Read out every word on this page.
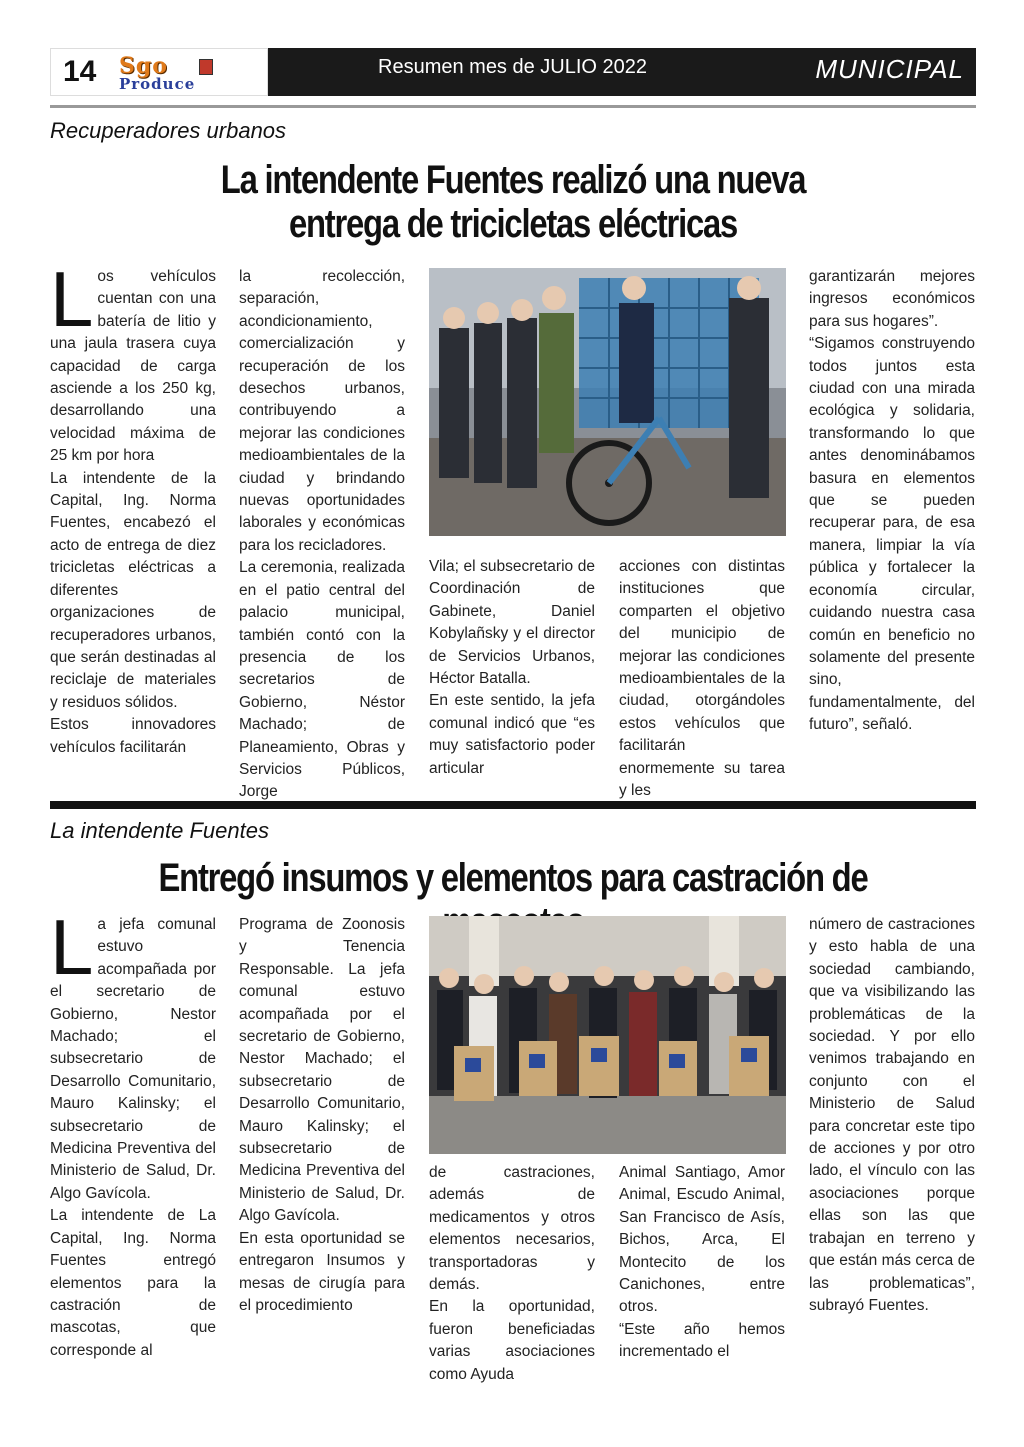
14 Sgo
Produce
Resumen mes de JULIO 2022	MUNICIPAL
Recuperadores urbanos
La intendente Fuentes realizó una nueva
entrega de tricicletas eléctricas

Los vehículos cuentan con una batería de litio y una jaula trasera cuya capacidad de carga asciende a los 250 kg, desarrollando una velocidad máxima de 25 km por hora

La intendente de la Capital, Ing. Norma Fuentes, encabezó el acto de entrega de diez tricicletas eléctricas a diferentes organizaciones de recuperadores urbanos, que serán destinadas al reciclaje de materiales y residuos sólidos.

Estos innovadores vehículos facilitarán

la recolección, separación, acondicionamiento, comercialización y recuperación de los desechos urbanos, contribuyendo a mejorar las condiciones medioambientales de la ciudad y brindando nuevas oportunidades laborales y económicas para los recicladores.

La ceremonia, realizada en el patio central del palacio municipal, también contó con la presencia de los secretarios de Gobierno, Néstor Machado; de Planeamiento, Obras y Servicios Públicos, Jorge

Vila; el subsecretario de Coordinación de Gabinete, Daniel Kobylañsky y el director de Servicios Urbanos, Héctor Batalla.

En este sentido, la jefa comunal indicó que “es muy satisfactorio poder articular

acciones con distintas instituciones que comparten el objetivo del municipio de mejorar las condiciones medioambientales de la ciudad, otorgándoles estos vehículos que facilitarán enormemente su tarea y les

garantizarán mejores ingresos económicos para sus hogares”.

“Sigamos construyendo todos juntos esta ciudad con una mirada ecológica y solidaria, transformando lo que antes denominábamos basura en elementos que se pueden recuperar para, de esa manera, limpiar la vía pública y fortalecer la economía circular, cuidando nuestra casa común en beneficio no solamente del presente sino, fundamentalmente, del futuro”, señaló.

La intendente Fuentes
Entregó insumos y elementos para castración de

La jefa comunal estuvo acompañada por el secretario de Gobierno, Nestor Machado; el subsecretario de Desarrollo Comunitario, Mauro Kalinsky; el subsecretario de Medicina Preventiva del Ministerio de Salud, Dr. Algo Gavícola.

La intendente de La Capital, Ing. Norma Fuentes entregó elementos para la castración de mascotas, que corresponde al

Programa de Zoonosis y Tenencia Responsable. La jefa comunal estuvo acompañada por el secretario de Gobierno, Nestor Machado; el subsecretario de Desarrollo Comunitario, Mauro Kalinsky; el subsecretario de Medicina Preventiva del Ministerio de Salud, Dr. Algo Gavícola.

En esta oportunidad se entregaron Insumos y mesas de cirugía para el procedimiento

de castraciones, además de medicamentos y otros elementos necesarios, transportadoras y demás.

En la oportunidad, fueron beneficiadas varias asociaciones como Ayuda

Animal Santiago, Amor Animal, Escudo Animal, San Francisco de Asís, Bichos, Arca, El Montecito de los Canichones, entre otros.

“Este año hemos incrementado el

número de castraciones y esto habla de una sociedad cambiando, que va visibilizando las problemáticas de la sociedad. Y por ello venimos trabajando en conjunto con el Ministerio de Salud para concretar este tipo de acciones y por otro lado, el vínculo con las asociaciones porque ellas son las que trabajan en terreno y que están más cerca de las problematicas”, subrayó Fuentes.
